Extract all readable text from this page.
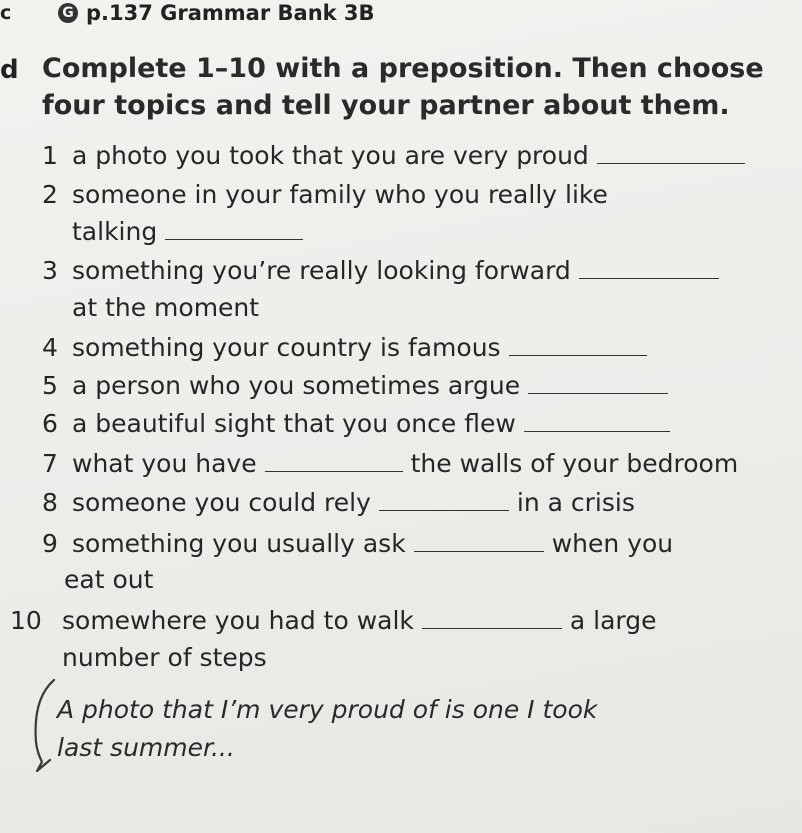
c	G p.137 Grammar Bank 3B
d Complete 1–10 with a preposition. Then choose
four topics and tell your partner about them.
1 a photo you took that you are very proud
2 someone in your family who you really like
talking
3 something you’re really looking forward
at the moment
4 something your country is famous
5 a person who you sometimes argue
6 a beautiful sight that you once flew
7 what you have	the walls of your bedroom
8 someone you could rely	in a crisis
9 something you usually ask	when you
eat out
10 somewhere you had to walk	a large
number of steps
A photo that I’m very proud of is one I took
last summer...
